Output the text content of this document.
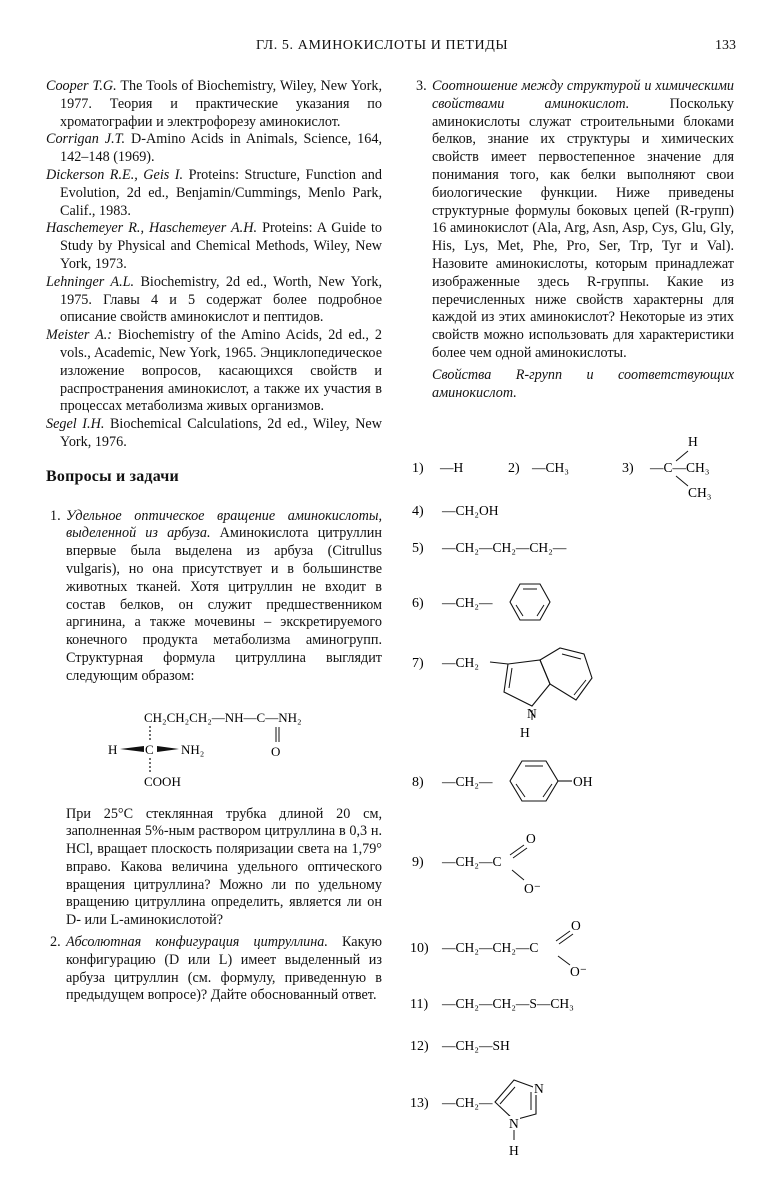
ГЛ. 5. АМИНОКИСЛОТЫ И ПЕТИДЫ	133

Cooper T.G. The Tools of Biochemistry, Wiley, New York, 1977. Теория и практические указания по хроматографии и электрофорезу аминокислот.

Corrigan J.T. D-Amino Acids in Animals, Science, 164, 142–148 (1969).

Dickerson R.E., Geis I. Proteins: Structure, Function and Evolution, 2d ed., Benjamin/Cummings, Menlo Park, Calif., 1983.

Haschemeyer R., Haschemeyer A.H. Proteins: A Guide to Study by Physical and Chemical Methods, Wiley, New York, 1973.

Lehninger A.L. Biochemistry, 2d ed., Worth, New York, 1975. Главы 4 и 5 содержат более подробное описание свойств аминокислот и пептидов.

Meister A.: Biochemistry of the Amino Acids, 2d ed., 2 vols., Academic, New York, 1965. Энциклопедическое изложение вопросов, касающихся свойств и распространения аминокислот, а также их участия в процессах метаболизма живых организмов.

Segel I.H. Biochemical Calculations, 2d ed., Wiley, New York, 1976.

Вопросы и задачи
1. Удельное оптическое вращение аминокислоты, выделенной из арбуза. Аминокислота цитруллин впервые была выделена из арбуза (Citrullus vulgaris), но она присутствует и в большинстве животных тканей. Хотя цитруллин не входит в состав белков, он служит предшественником аргинина, а также мочевины – экскретируемого конечного продукта метаболизма аминогрупп. Структурная формула цитруллина выглядит следующим образом:
CH₂CH₂CH₂—NH—C—NH₂
O
H C NH₂
COOH
При 25°C стеклянная трубка длиной 20 см, заполненная 5%-ным раствором цитруллина в 0,3 н. HCl, вращает плоскость поляризации света на 1,79° вправо. Какова величина удельного оптического вращения цитруллина? Можно ли по удельному вращению цитруллина определить, является ли он D- или L-аминокислотой?
2. Абсолютная конфигурация цитруллина. Какую конфигурацию (D или L) имеет выделенный из арбуза цитруллин (см. формулу, приведенную в предыдущем вопросе)? Дайте обоснованный ответ.
3. Соотношение между структурой и химическими свойствами аминокислот. Поскольку аминокислоты служат строительными блоками белков, знание их структуры и химических свойств имеет первостепенное значение для понимания того, как белки выполняют свои биологические функции. Ниже приведены структурные формулы боковых цепей (R-групп) 16 аминокислот (Ala, Arg, Asn, Asp, Cys, Glu, Gly, His, Lys, Met, Phe, Pro, Ser, Trp, Tyr и Val). Назовите аминокислоты, которым принадлежат изображенные здесь R-группы. Какие из перечисленных ниже свойств характерны для каждой из этих аминокислот? Некоторые из этих свойств можно использовать для характеристики более чем одной аминокислоты.
Свойства R-групп и соответствующих аминокислот.
1) —H	2) —CH₃	3)
H
—C—CH₃
CH₃
4) —CH₂OH
5) —CH₂—CH₂—CH₂—
6) —CH₂—
7) —CH₂
N
H
8) —CH₂—	OH
9) —CH₂—C
O
O⁻
10) —CH₂—CH₂—C
O
O⁻
11) —CH₂—CH₂—S—CH₃
12) —CH₂—SH
13) —CH₂—
N
N
H
